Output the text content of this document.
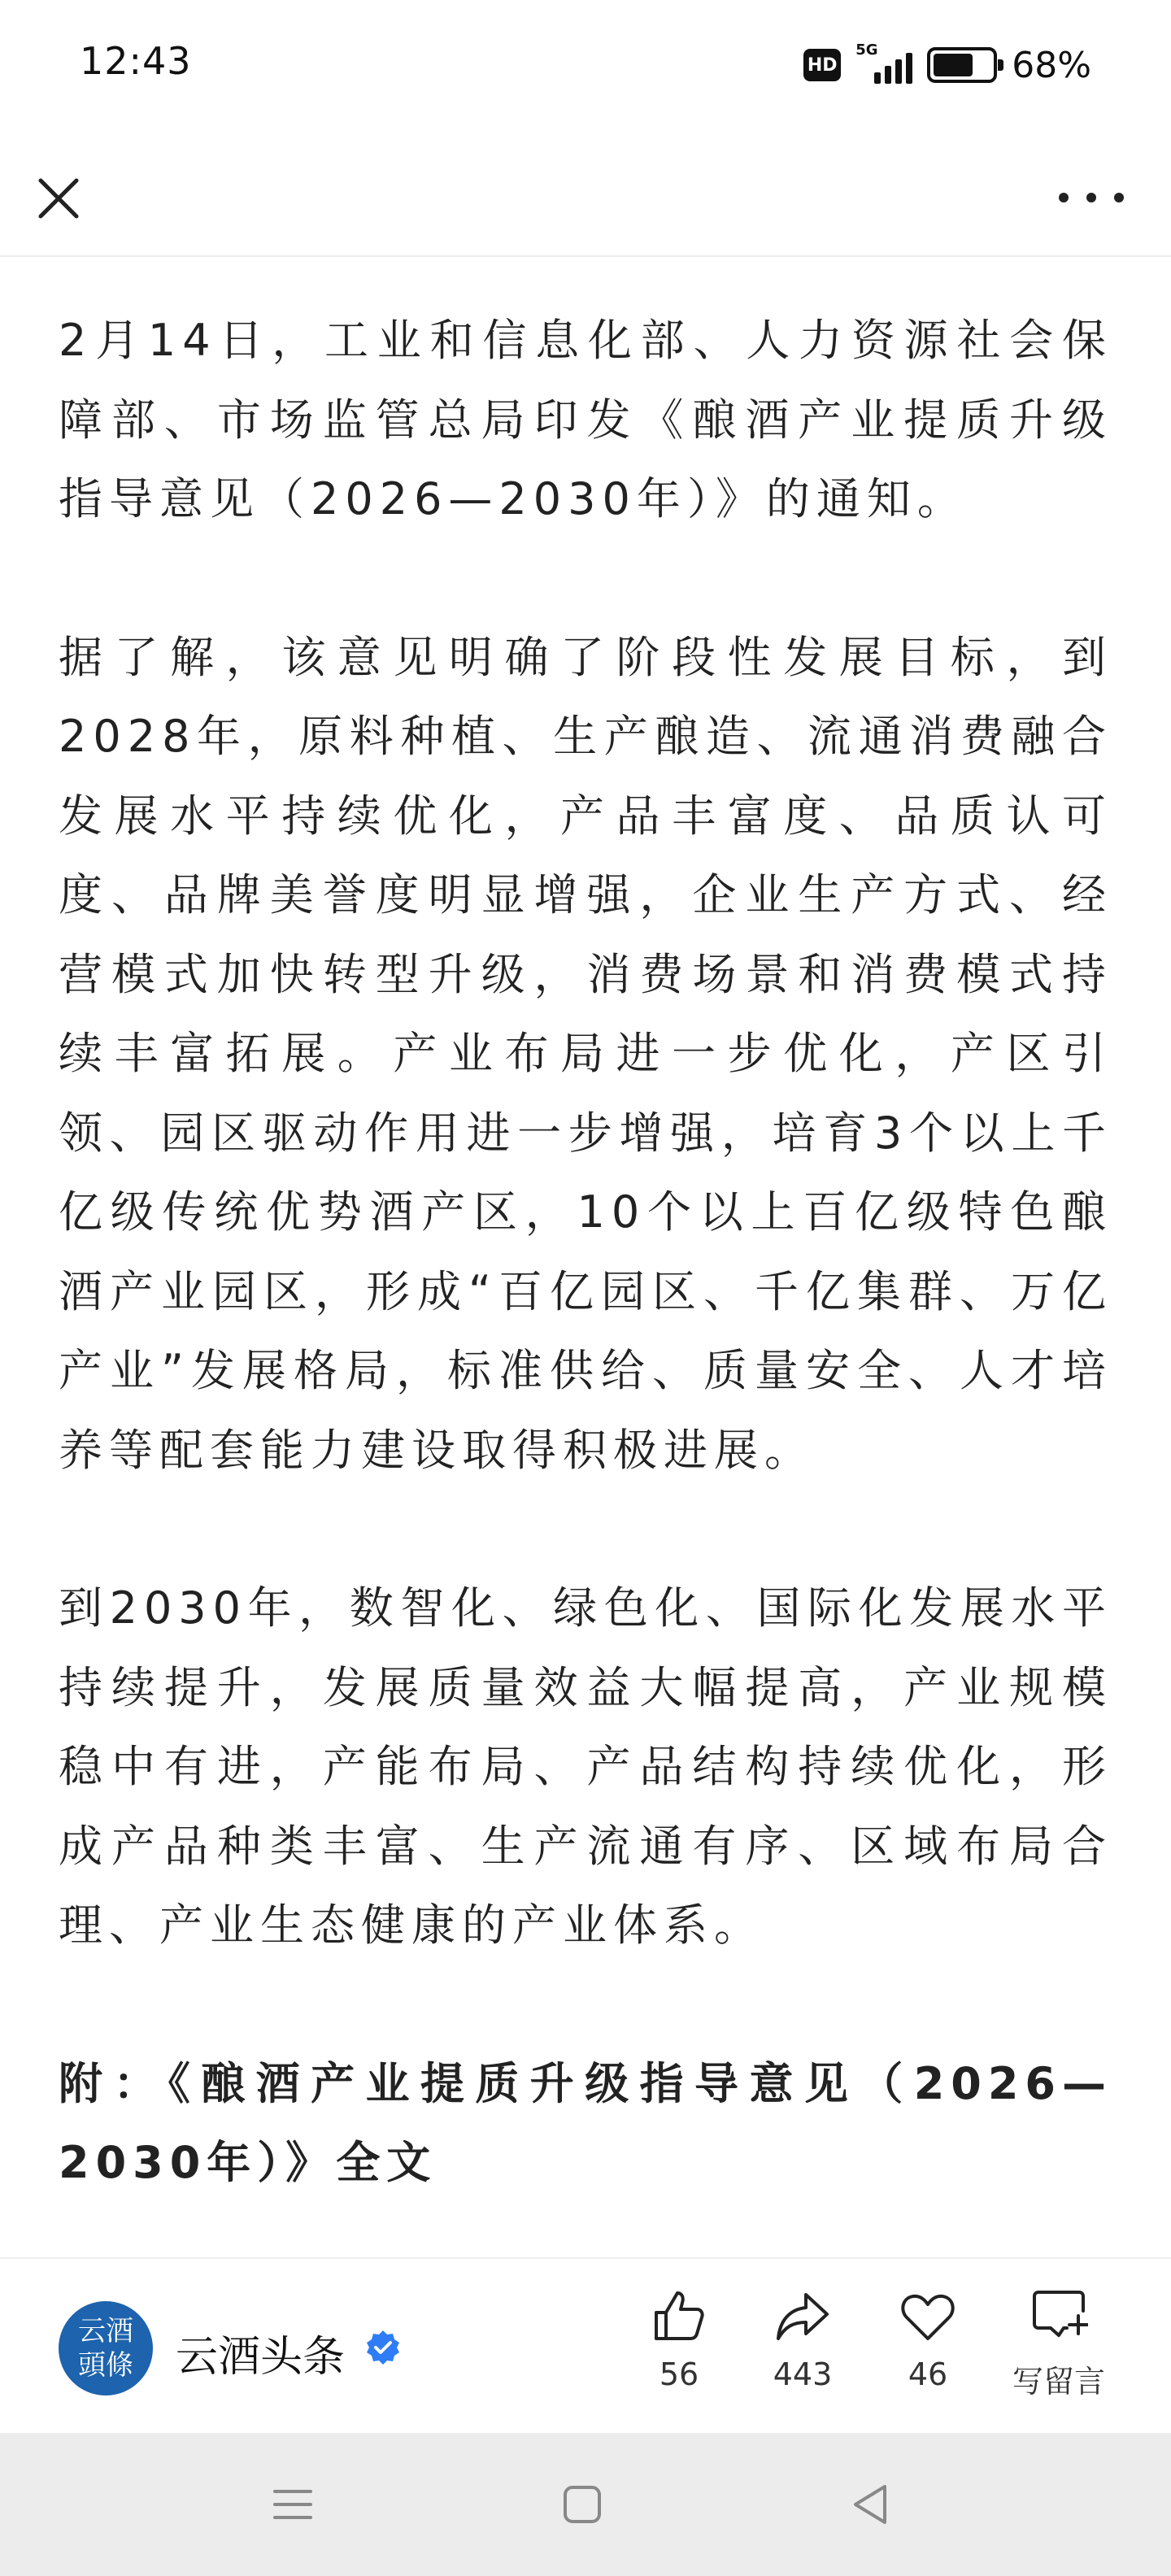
12:43	HD
5G	68%

2月14日，工业和信息化部、人力资源社会保障部、市场监管总局印发《酿酒产业提质升级指导意见（2026—2030年）》的通知。

据了解，该意见明确了阶段性发展目标，到2028年，原料种植、生产酿造、流通消费融合发展水平持续优化，产品丰富度、品质认可度、品牌美誉度明显增强，企业生产方式、经营模式加快转型升级，消费场景和消费模式持续丰富拓展。产业布局进一步优化，产区引领、园区驱动作用进一步增强，培育3个以上千亿级传统优势酒产区，10个以上百亿级特色酿酒产业园区，形成“百亿园区、千亿集群、万亿产业”发展格局，标准供给、质量安全、人才培养等配套能力建设取得积极进展。

到2030年，数智化、绿色化、国际化发展水平持续提升，发展质量效益大幅提高，产业规模稳中有进，产能布局、产品结构持续优化，形成产品种类丰富、生产流通有序、区域布局合理、产业生态健康的产业体系。

附：《酿酒产业提质升级指导意见（2026—2030年）》全文

云酒
頭條 云酒头条	56	443	46	写留言
